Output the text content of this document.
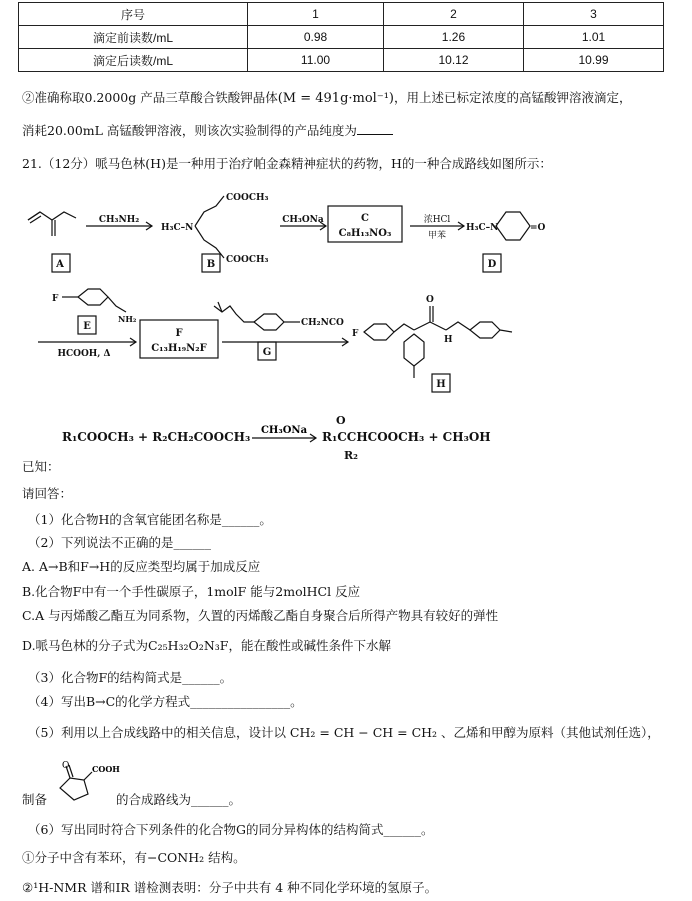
序号	1	2	3
滴定前读数/mL	0.98	1.26	1.01
滴定后读数/mL	11.00	10.12	10.99
②准确称取0.2000g 产品三草酸合铁酸钾晶体(M = 491g·mol⁻¹)，用上述已标定浓度的高锰酸钾溶液滴定，
消耗20.00mL 高锰酸钾溶液，则该次实验制得的产品纯度为
21.（12分）哌马色林(H)是一种用于治疗帕金森精神症状的药物，H的一种合成路线如图所示：
A	B	D
E
G
H
CH₃NH₂
COOCH₃
COOCH₃
H₃C–N
CH₃ONa	C
C₈H₁₃NO₃
浓HCl
甲苯
H₃C–N	=O
F
NH₂
HCOOH, Δ
F
C₁₃H₁₉N₂F
CH₂NCO
O
H
F
R₁COOCH₃ + R₂CH₂COOCH₃ CH₃ONa
O
R₁CCHCOOCH₃ + CH₃OH
R₂
已知：
请回答：
（1）化合物H的含氧官能团名称是______。
（2）下列说法不正确的是______
A. A→B和F→H的反应类型均属于加成反应
B.化合物F中有一个手性碳原子，1molF 能与2molHCl 反应
C.A 与丙烯酸乙酯互为同系物，久置的丙烯酸乙酯自身聚合后所得产物具有较好的弹性
D.哌马色林的分子式为C₂₅H₃₂O₂N₃F，能在酸性或碱性条件下水解
（3）化合物F的结构简式是______。
（4）写出B→C的化学方程式________________。
（5）利用以上合成线路中的相关信息，设计以 CH₂ = CH − CH = CH₂ 、乙烯和甲醇为原料（其他试剂任选），
制备
O	COOH
的合成路线为______。
（6）写出同时符合下列条件的化合物G的同分异构体的结构简式______。
①分子中含有苯环，有−CONH₂ 结构。
②¹H-NMR 谱和IR 谱检测表明：分子中共有 4 种不同化学环境的氢原子。
